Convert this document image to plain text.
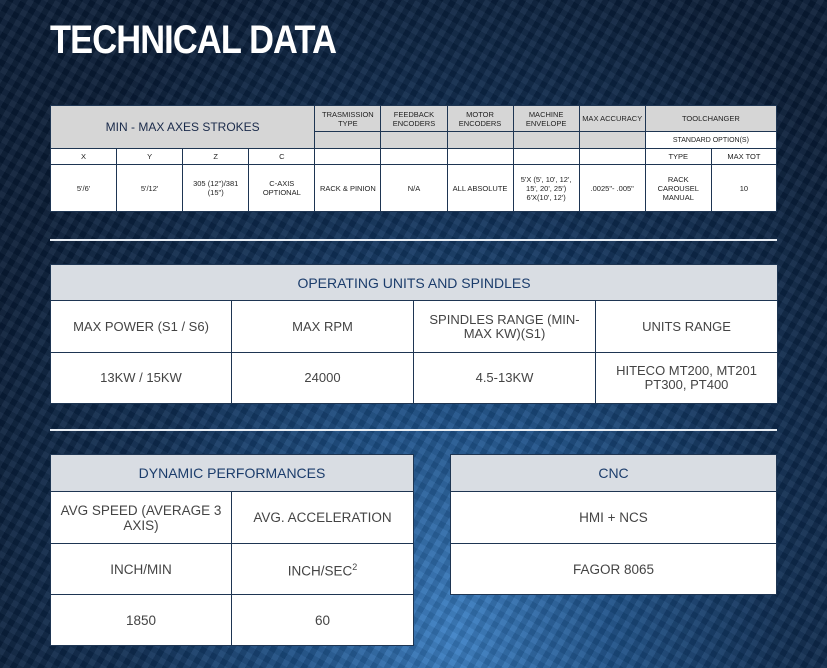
TECHNICAL DATA
MIN - MAX AXES STROKES				TRASMISSION TYPE	FEEDBACK ENCODERS	MOTOR ENCODERS	MACHINE ENVELOPE	MAX ACCURACY	TOOLCHANGER	
									STANDARD OPTION(S)	
X	Y	Z	C						TYPE	MAX TOT
5'/6'	5'/12'	305 (12")/381 (15")	C-AXIS OPTIONAL	RACK & PINION	N/A	ALL ABSOLUTE	5'X (5', 10', 12', 15', 20', 25') 6'X(10', 12')	.0025"- .005"	RACK CAROUSEL MANUAL	10
OPERATING UNITS AND SPINDLES			
MAX POWER (S1 / S6)	MAX RPM	SPINDLES RANGE (MIN-MAX KW)(S1)	UNITS RANGE
13KW / 15KW	24000	4.5-13KW	HITECO MT200, MT201 PT300, PT400
DYNAMIC PERFORMANCES	
AVG SPEED (AVERAGE 3 AXIS)	AVG. ACCELERATION
INCH/MIN	INCH/SEC$^2$
1850	60
CNC
HMI + NCS
FAGOR 8065
